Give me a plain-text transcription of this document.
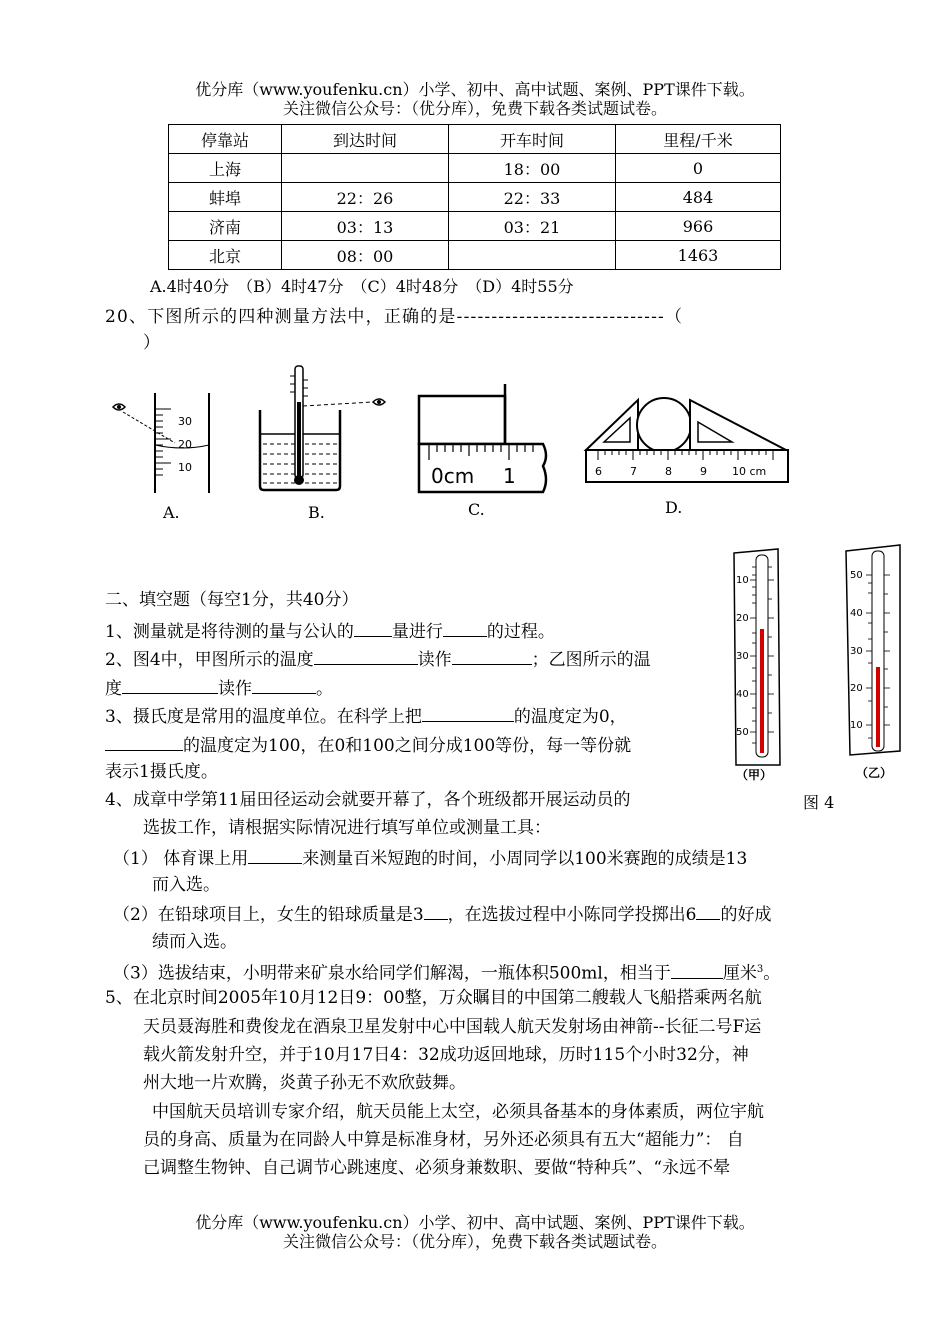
优分库（www.youfenku.cn）小学、初中、高中试题、案例、PPT课件下载。
关注微信公众号：（优分库），免费下载各类试题试卷。
停靠站	到达时间	开车时间	里程/千米
上海		18：00	0
蚌埠	22：26	22：33	484
济南	03：13	03：21	966
北京	08：00		1463
A.4时40分　（B）4时47分　（C）4时48分　（D）4时55分
20、下图所示的四种测量方法中，正确的是------------------------------（
）
30
20
10
A.	B.
0cm 1
C.
6	7	8	9 10 cm
D.
10
20
30
40
50
（甲）
50
40
30
20
10
（乙）
图 4
二、填空题（每空1分，共40分）
1、测量就是将待测的量与公认的 量进行	的过程。
2、图4中，甲图所示的温度	读作	；乙图所示的温
度	读作	。
3、摄氏度是常用的温度单位。在科学上把	的温度定为0，
的温度定为100，在0和100之间分成100等份，每一等份就
表示1摄氏度。
4、成章中学第11届田径运动会就要开幕了，各个班级都开展运动员的
选拔工作，请根据实际情况进行填写单位或测量工具：
（1） 体育课上用	来测量百米短跑的时间，小周同学以100米赛跑的成绩是13
而入选。
（2）在铅球项目上，女生的铅球质量是3 ，在选拔过程中小陈同学投掷出6 的好成
绩而入选。
（3）选拔结束，小明带来矿泉水给同学们解渴，一瓶体积500ml，相当于	厘米$^3$。
5、在北京时间2005年10月12日9：00整，万众瞩目的中国第二艘载人飞船搭乘两名航
天员聂海胜和费俊龙在酒泉卫星发射中心中国载人航天发射场由神箭--长征二号F运
载火箭发射升空，并于10月17日4：32成功返回地球，历时115个小时32分，神
州大地一片欢腾，炎黄子孙无不欢欣鼓舞。
中国航天员培训专家介绍，航天员能上太空，必须具备基本的身体素质，两位宇航
员的身高、质量为在同龄人中算是标准身材，另外还必须具有五大“超能力”： 自
己调整生物钟、自己调节心跳速度、必须身兼数职、要做“特种兵”、“永远不晕
优分库（www.youfenku.cn）小学、初中、高中试题、案例、PPT课件下载。
关注微信公众号：（优分库），免费下载各类试题试卷。
